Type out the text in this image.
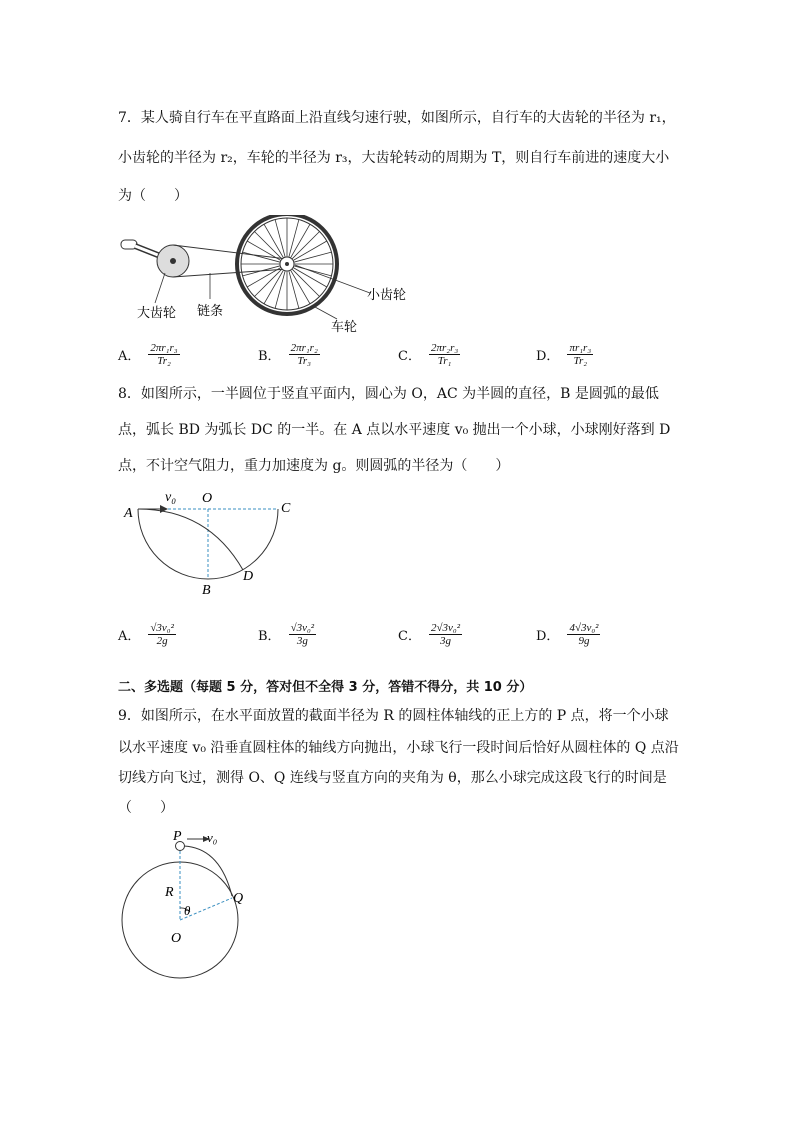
7．某人骑自行车在平直路面上沿直线匀速行驶，如图所示，自行车的大齿轮的半径为 r₁，
小齿轮的半径为 r₂，车轮的半径为 r₃，大齿轮转动的周期为 T，则自行车前进的速度大小
为（　　）
大齿轮 链条
小齿轮
车轮
A． $\frac{\text{2πr₁r₃}}{\text{Tr₂}}$	B． $\frac{\text{2πr₁r₂}}{\text{Tr₃}}$	C． $\frac{\text{2πr₂r₃}}{\text{Tr₁}}$	D． $\frac{\text{πr₁r₃}}{\text{Tr₂}}$
8．如图所示，一半圆位于竖直平面内，圆心为 O，AC 为半圆的直径，B 是圆弧的最低
点，弧长 BD 为弧长 DC 的一半。在 A 点以水平速度 v₀ 抛出一个小球，小球刚好落到 D
点，不计空气阻力，重力加速度为 g。则圆弧的半径为（　　）
A
v₀ O
C
D
B
A． $\frac{\text{√3v₀²}}{2g}$	B． $\frac{\text{√3v₀²}}{3g}$	C． $\frac{\text{2√3v₀²}}{3g}$	D． $\frac{\text{4√3v₀²}}{9g}$
二、多选题（每题 5 分，答对但不全得 3 分，答错不得分，共 10 分）
9．如图所示，在水平面放置的截面半径为 R 的圆柱体轴线的正上方的 P 点，将一个小球
以水平速度 v₀ 沿垂直圆柱体的轴线方向抛出，小球飞行一段时间后恰好从圆柱体的 Q 点沿
切线方向飞过，测得 O、Q 连线与竖直方向的夹角为 θ，那么小球完成这段飞行的时间是
（　　）
P v₀
R	Q
θ
O
